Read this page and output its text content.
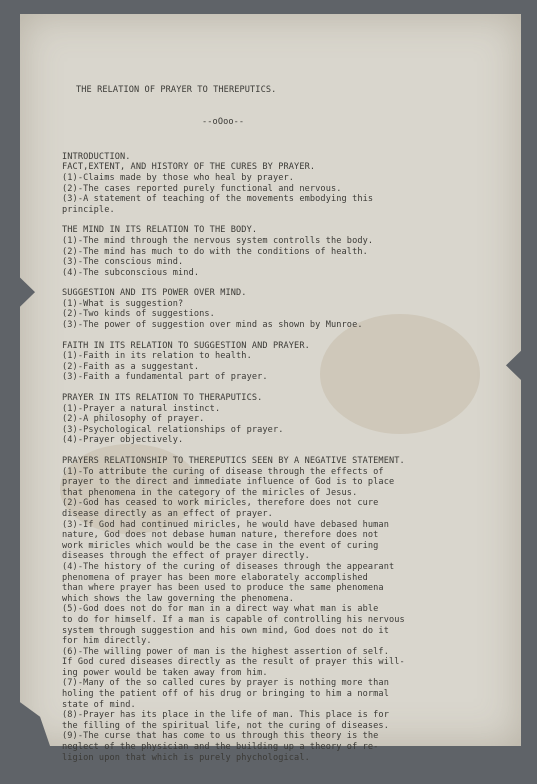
THE RELATION OF PRAYER TO THEREPUTICS.

--oOoo--

INTRODUCTION.
FACT,EXTENT, AND HISTORY OF THE CURES BY PRAYER.
(1)-Claims made by those who heal by prayer.
(2)-The cases reported purely functional and nervous.
(3)-A statement of teaching of the movements embodying this
principle.
THE MIND IN ITS RELATION TO THE BODY.
(1)-The mind through the nervous system controlls the body.
(2)-The mind has much to do with the conditions of health.
(3)-The conscious mind.
(4)-The subconscious mind.
SUGGESTION AND ITS POWER OVER MIND.
(1)-What is suggestion?
(2)-Two kinds of suggestions.
(3)-The power of suggestion over mind as shown by Munroe.
FAITH IN ITS RELATION TO SUGGESTION AND PRAYER.
(1)-Faith in its relation to health.
(2)-Faith as a suggestant.
(3)-Faith a fundamental part of prayer.
PRAYER IN ITS RELATION TO THERAPUTICS.
(1)-Prayer a natural instinct.
(2)-A philosophy of prayer.
(3)-Psychological relationships of prayer.
(4)-Prayer objectively.
PRAYERS RELATIONSHIP TO THEREPUTICS SEEN BY A NEGATIVE STATEMENT.
(1)-To attribute the curing of disease through the effects of
prayer to the direct and immediate influence of God is to place
that phenomena in the category of the miricles of Jesus.
(2)-God has ceased to work miricles, therefore does not cure
disease directly as an effect of prayer.
(3)-If God had continued miricles, he would have debased human
nature, God does not debase human nature, therefore does not
work miricles which would be the case in the event of curing
diseases through the effect of prayer directly.
(4)-The history of the curing of diseases through the appearant
phenomena of prayer has been more elaborately accomplished
than where prayer has been used to produce the same phenomena
which shows the law governing the phenomena.
(5)-God does not do for man in a direct way what man is able
to do for himself. If a man is capable of controlling his nervous
system through suggestion and his own mind, God does not do it
for him directly.
(6)-The willing power of man is the highest assertion of self.
If God cured diseases directly as the result of prayer this will-
ing power would be taken away from him.
(7)-Many of the so called cures by prayer is nothing more than
holing the patient off of his drug or bringing to him a normal
state of mind.
(8)-Prayer has its place in the life of man. This place is for
the filling of the spiritual life, not the curing of diseases.
(9)-The curse that has come to us through this theory is the
neglect of the physician and the building up a theory of re-
ligion upon that which is purely phychological.
